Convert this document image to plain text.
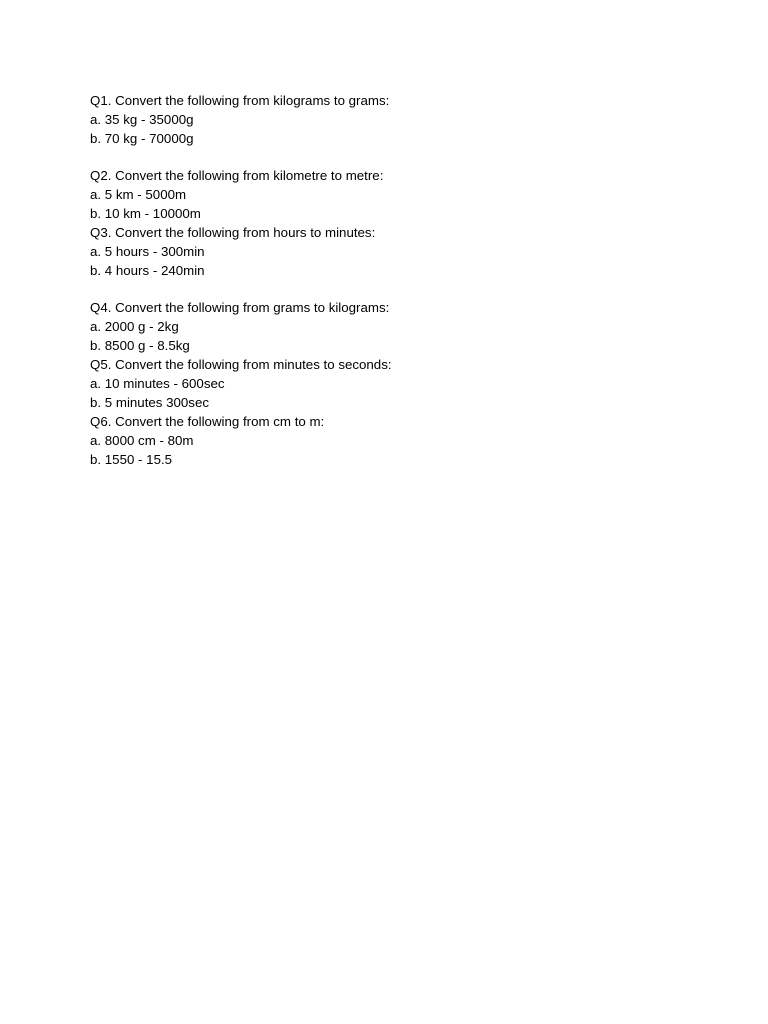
Q1. Convert the following from kilograms to grams:
a. 35 kg - 35000g
b. 70 kg - 70000g
Q2. Convert the following from kilometre to metre:
a. 5 km - 5000m
b. 10 km - 10000m
Q3. Convert the following from hours to minutes:
a. 5 hours - 300min
b. 4 hours - 240min
Q4. Convert the following from grams to kilograms:
a. 2000 g - 2kg
b. 8500 g - 8.5kg
Q5. Convert the following from minutes to seconds:
a. 10 minutes - 600sec
b. 5 minutes 300sec
Q6. Convert the following from cm to m:
a. 8000 cm - 80m
b. 1550 - 15.5
